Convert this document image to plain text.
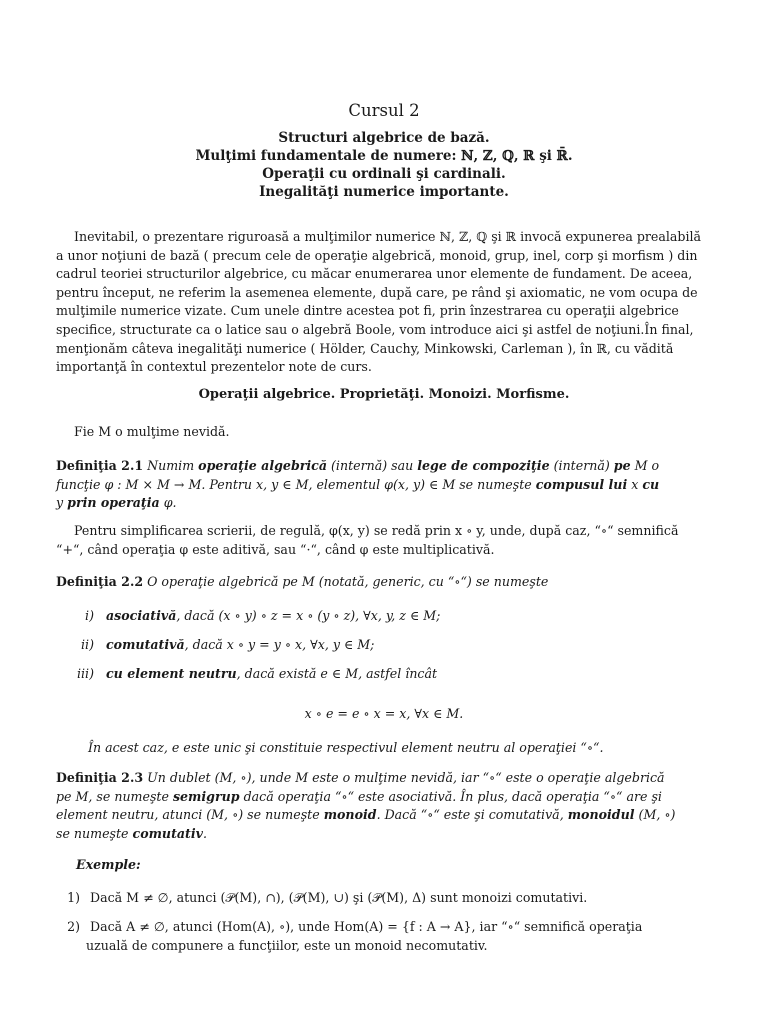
Cursul 2
Structuri algebrice de bază.
Mulţimi fundamentale de numere: ℕ, ℤ, ℚ, ℝ şi ℝ̄.
Operaţii cu ordinali şi cardinali.
Inegalităţi numerice importante.
Inevitabil, o prezentare riguroasă a mulţimilor numerice ℕ, ℤ, ℚ şi ℝ invocă expunerea prealabilă
a unor noţiuni de bază ( precum cele de operaţie algebrică, monoid, grup, inel, corp şi morfism ) din
cadrul teoriei structurilor algebrice, cu măcar enumerarea unor elemente de fundament. De aceea,
pentru început, ne referim la asemenea elemente, după care, pe rând şi axiomatic, ne vom ocupa de
mulţimile numerice vizate. Cum unele dintre acestea pot fi, prin înzestrarea cu operaţii algebrice
specifice, structurate ca o latice sau o algebră Boole, vom introduce aici şi astfel de noţiuni.În final,
menţionăm câteva inegalităţi numerice ( Hölder, Cauchy, Minkowski, Carleman ), în ℝ, cu vădită
importanţă în contextul prezentelor note de curs.
Operaţii algebrice. Proprietăţi. Monoizi. Morfisme.
Fie M o mulţime nevidă.
Definiţia 2.1 Numim operaţie algebrică (internă) sau lege de compoziţie (internă) pe M o
funcţie φ : M × M → M. Pentru x, y ∈ M, elementul φ(x, y) ∈ M se numeşte compusul lui x cu
y prin operaţia φ.
Pentru simplificarea scrierii, de regulă, φ(x, y) se redă prin x ∘ y, unde, după caz, “∘“ semnifică
“+“, când operaţia φ este aditivă, sau “·“, când φ este multiplicativă.
Definiţia 2.2 O operaţie algebrică pe M (notată, generic, cu “∘“) se numeşte
i) asociativă, dacă (x ∘ y) ∘ z = x ∘ (y ∘ z), ∀x, y, z ∈ M;
ii) comutativă, dacă x ∘ y = y ∘ x, ∀x, y ∈ M;
iii) cu element neutru, dacă există e ∈ M, astfel încât
x ∘ e = e ∘ x = x, ∀x ∈ M.
În acest caz, e este unic şi constituie respectivul element neutru al operaţiei “∘“.
Definiţia 2.3 Un dublet (M, ∘), unde M este o mulţime nevidă, iar “∘“ este o operaţie algebrică
pe M, se numeşte semigrup dacă operaţia “∘“ este asociativă. În plus, dacă operaţia “∘“ are şi
element neutru, atunci (M, ∘) se numeşte monoid. Dacă “∘“ este şi comutativă, monoidul (M, ∘)
se numeşte comutativ.
Exemple:
1) Dacă M ≠ ∅, atunci (𝒫(M), ∩), (𝒫(M), ∪) şi (𝒫(M), Δ) sunt monoizi comutativi.
2) Dacă A ≠ ∅, atunci (Hom(A), ∘), unde Hom(A) = {f : A → A}, iar “∘“ semnifică operaţia
uzuală de compunere a funcţiilor, este un monoid necomutativ.
